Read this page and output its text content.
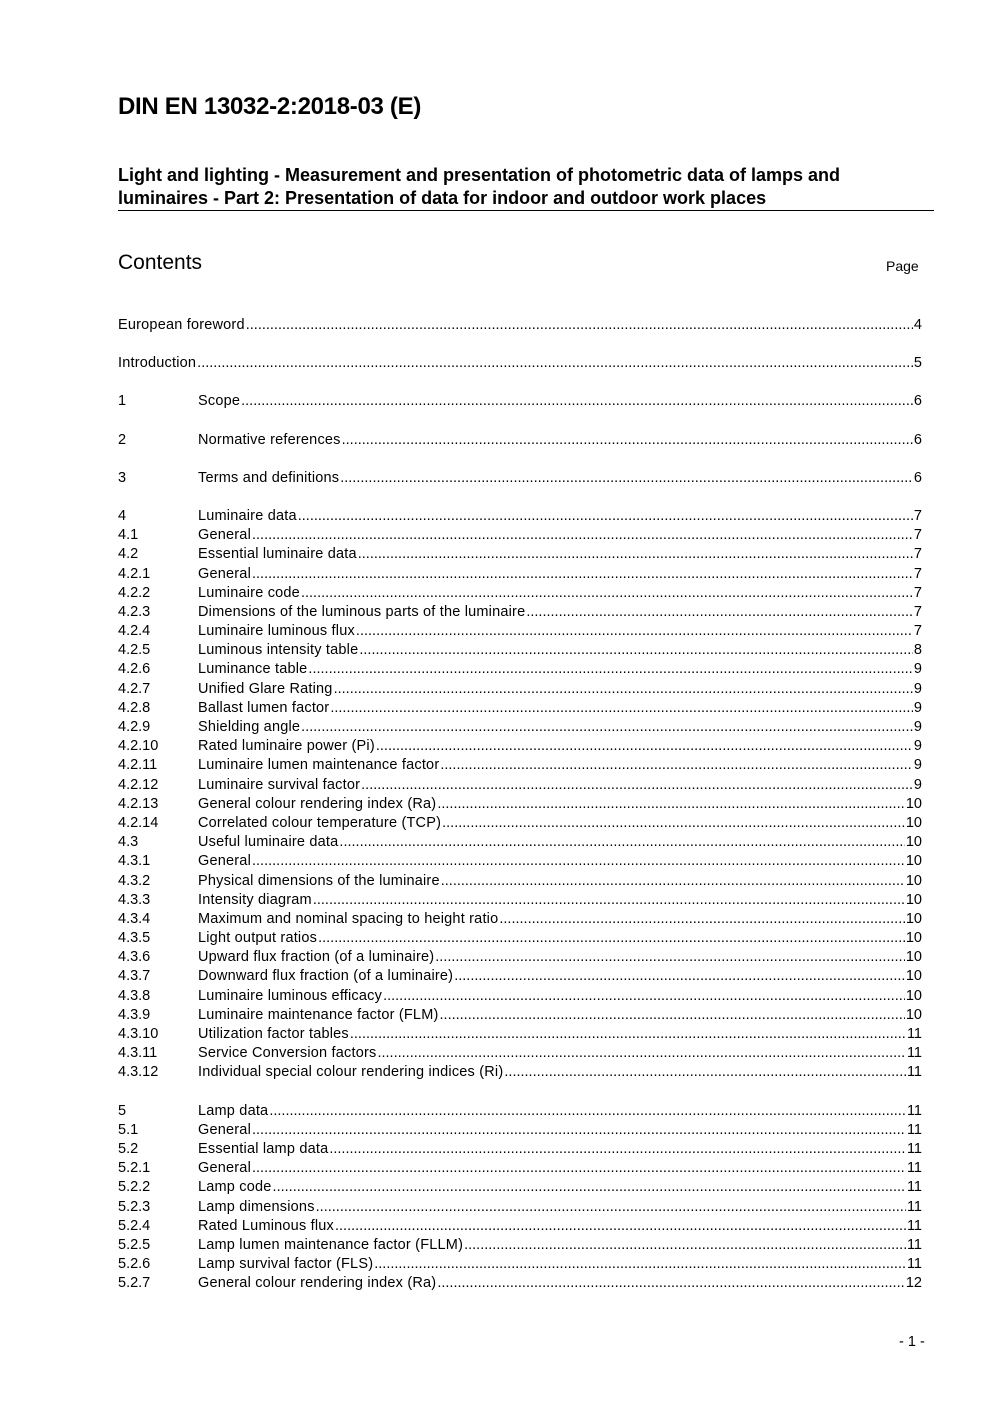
DIN EN 13032-2:2018-03 (E)
Light and lighting - Measurement and presentation of photometric data of lamps and luminaires - Part 2: Presentation of data for indoor and outdoor work places
Contents	Page
European foreword .....	4
Introduction .....	5
1	Scope .....	6
2	Normative references .....	6
3	Terms and definitions .....	6
4	Luminaire data .....	7
4.1	General .....	7
4.2	Essential luminaire data .....	7
4.2.1	General .....	7
4.2.2	Luminaire code .....	7
4.2.3	Dimensions of the luminous parts of the luminaire .....	7
4.2.4	Luminaire luminous flux .....	7
4.2.5	Luminous intensity table .....	8
4.2.6	Luminance table .....	9
4.2.7	Unified Glare Rating .....	9
4.2.8	Ballast lumen factor .....	9
4.2.9	Shielding angle .....	9
4.2.10	Rated luminaire power (Pi) .....	9
4.2.11	Luminaire lumen maintenance factor .....	9
4.2.12	Luminaire survival factor .....	9
4.2.13	General colour rendering index (Ra) .....	10
4.2.14	Correlated colour temperature (TCP) .....	10
4.3	Useful luminaire data .....	10
4.3.1	General .....	10
4.3.2	Physical dimensions of the luminaire .....	10
4.3.3	Intensity diagram .....	10
4.3.4	Maximum and nominal spacing to height ratio .....	10
4.3.5	Light output ratios .....	10
4.3.6	Upward flux fraction (of a luminaire) .....	10
4.3.7	Downward flux fraction (of a luminaire) .....	10
4.3.8	Luminaire luminous efficacy .....	10
4.3.9	Luminaire maintenance factor (FLM) .....	10
4.3.10	Utilization factor tables .....	11
4.3.11	Service Conversion factors .....	11
4.3.12	Individual special colour rendering indices (Ri) .....	11
5	Lamp data .....	11
5.1	General .....	11
5.2	Essential lamp data .....	11
5.2.1	General .....	11
5.2.2	Lamp code .....	11
5.2.3	Lamp dimensions .....	11
5.2.4	Rated Luminous flux .....	11
5.2.5	Lamp lumen maintenance factor (FLLM) .....	11
5.2.6	Lamp survival factor (FLS) .....	11
5.2.7	General colour rendering index (Ra) .....	12
- 1 -
